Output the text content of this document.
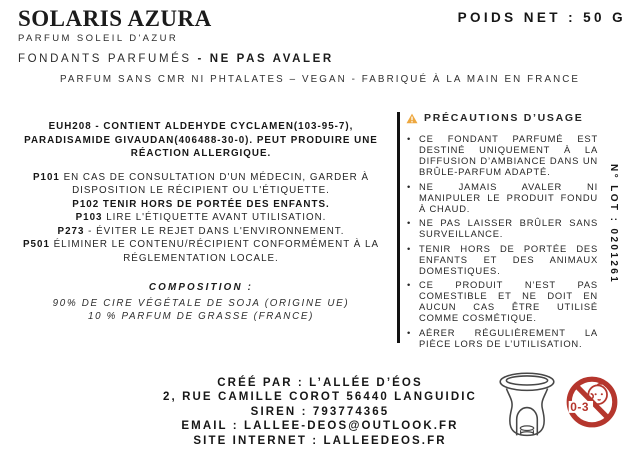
SOLARIS AZURA
PARFUM SOLEIL D'AZUR
FONDANTS PARFUMÉS - NE PAS AVALER
POIDS NET : 50 G
PARFUM SANS CMR NI PHTALATES – VEGAN - FABRIQUÉ À LA MAIN EN FRANCE

EUH208 - CONTIENT ALDEHYDE CYCLAMEN(103-95-7), PARADISAMIDE GIVAUDAN(406488-30-0). PEUT PRODUIRE UNE RÉACTION ALLERGIQUE.

P101 EN CAS DE CONSULTATION D'UN MÉDECIN, GARDER À DISPOSITION LE RÉCIPIENT OU L'ÉTIQUETTE.

P102 TENIR HORS DE PORTÉE DES ENFANTS.

P103 LIRE L'ÉTIQUETTE AVANT UTILISATION.

P273 - ÉVITER LE REJET DANS L'ENVIRONNEMENT.

P501 ÉLIMINER LE CONTENU/RÉCIPIENT CONFORMÉMENT À LA RÉGLEMENTATION LOCALE.

COMPOSITION :

90% DE CIRE VÉGÉTALE DE SOJA (ORIGINE UE)

10 % PARFUM DE GRASSE (FRANCE)

PRÉCAUTIONS D’USAGE
• CE FONDANT PARFUMÉ EST DESTINÉ UNIQUEMENT À LA DIFFUSION D’AMBIANCE DANS UN BRÛLE-PARFUM ADAPTÉ.
• NE JAMAIS AVALER NI MANIPULER LE PRODUIT FONDU À CHAUD.
• NE PAS LAISSER BRÛLER SANS SURVEILLANCE.
• TENIR HORS DE PORTÉE DES ENFANTS ET DES ANIMAUX DOMESTIQUES.
• CE PRODUIT N’EST PAS COMESTIBLE ET NE DOIT EN AUCUN CAS ÊTRE UTILISÉ COMME COSMÉTIQUE.
• AÉRER RÉGULIÈREMENT LA PIÈCE LORS DE L’UTILISATION.
N° LOT : 0201261
CRÉÉ PAR : L’ALLÉE D’ÉOS
2, RUE CAMILLE COROT 56440 LANGUIDIC
SIREN : 793774365
EMAIL : LALLEE-DEOS@OUTLOOK.FR
SITE INTERNET : LALLEEDEOS.FR
0-3
